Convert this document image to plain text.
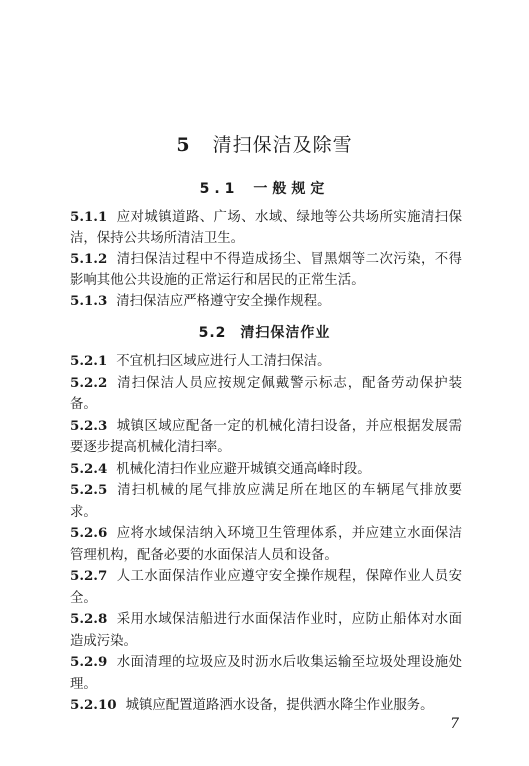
5 清扫保洁及除雪
5.1 一般规定

5.1.1 应对城镇道路、广场、水域、绿地等公共场所实施清扫保洁，保持公共场所清洁卫生。

5.1.2 清扫保洁过程中不得造成扬尘、冒黑烟等二次污染，不得影响其他公共设施的正常运行和居民的正常生活。

5.1.3 清扫保洁应严格遵守安全操作规程。

5.2 清扫保洁作业

5.2.1 不宜机扫区域应进行人工清扫保洁。

5.2.2 清扫保洁人员应按规定佩戴警示标志，配备劳动保护装备。

5.2.3 城镇区域应配备一定的机械化清扫设备，并应根据发展需要逐步提高机械化清扫率。

5.2.4 机械化清扫作业应避开城镇交通高峰时段。

5.2.5 清扫机械的尾气排放应满足所在地区的车辆尾气排放要求。

5.2.6 应将水域保洁纳入环境卫生管理体系，并应建立水面保洁管理机构，配备必要的水面保洁人员和设备。

5.2.7 人工水面保洁作业应遵守安全操作规程，保障作业人员安全。

5.2.8 采用水域保洁船进行水面保洁作业时，应防止船体对水面造成污染。

5.2.9 水面清理的垃圾应及时沥水后收集运输至垃圾处理设施处理。

5.2.10 城镇应配置道路洒水设备，提供洒水降尘作业服务。

7
